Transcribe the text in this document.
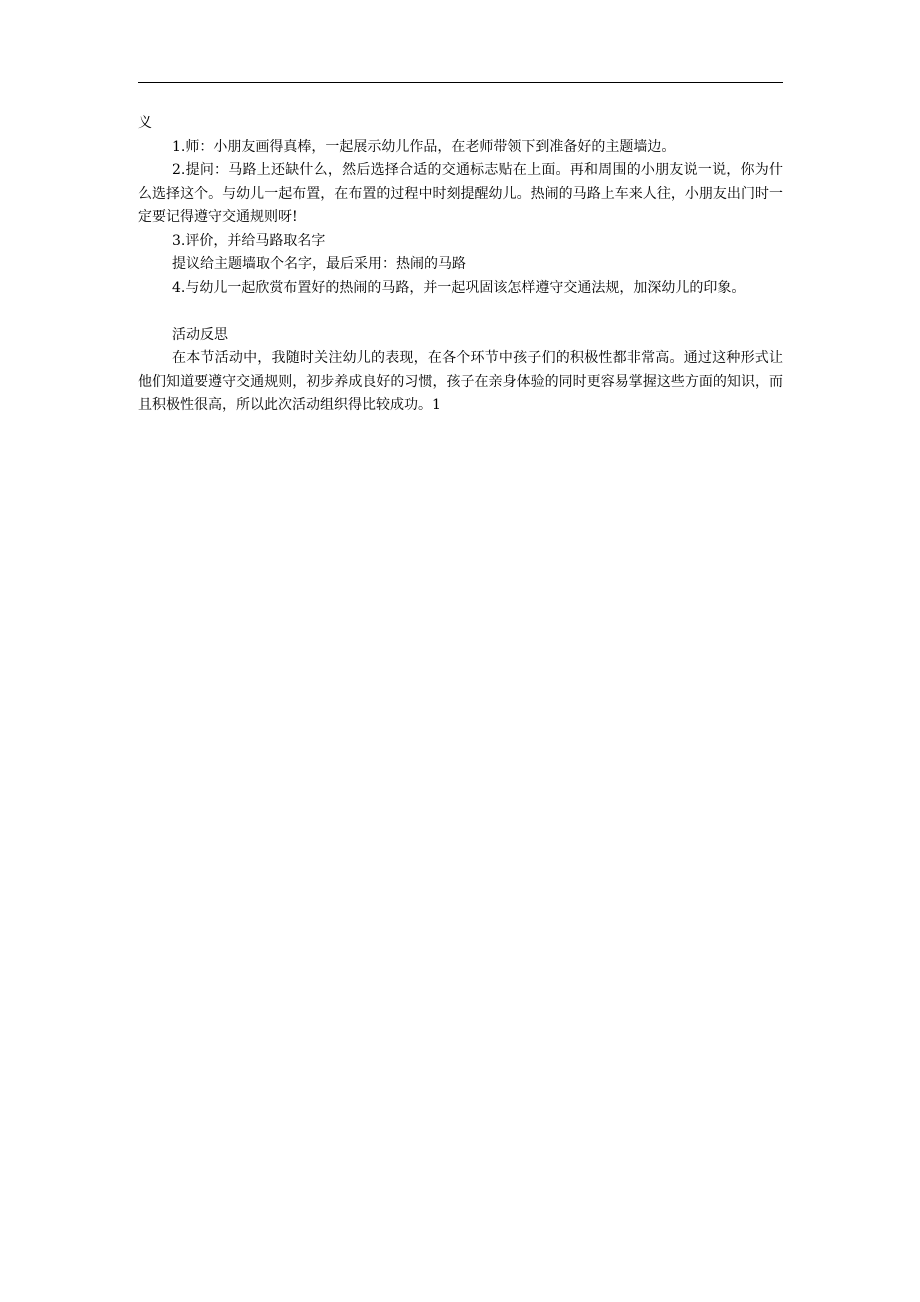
义

1.师：小朋友画得真棒，一起展示幼儿作品，在老师带领下到准备好的主题墙边。

2.提问：马路上还缺什么，然后选择合适的交通标志贴在上面。再和周围的小朋友说一说，你为什么选择这个。与幼儿一起布置，在布置的过程中时刻提醒幼儿。热闹的马路上车来人往，小朋友出门时一定要记得遵守交通规则呀!

3.评价，并给马路取名字

提议给主题墙取个名字，最后采用：热闹的马路

4.与幼儿一起欣赏布置好的热闹的马路，并一起巩固该怎样遵守交通法规，加深幼儿的印象。

活动反思

在本节活动中，我随时关注幼儿的表现，在各个环节中孩子们的积极性都非常高。通过这种形式让他们知道要遵守交通规则，初步养成良好的习惯，孩子在亲身体验的同时更容易掌握这些方面的知识，而且积极性很高，所以此次活动组织得比较成功。1
